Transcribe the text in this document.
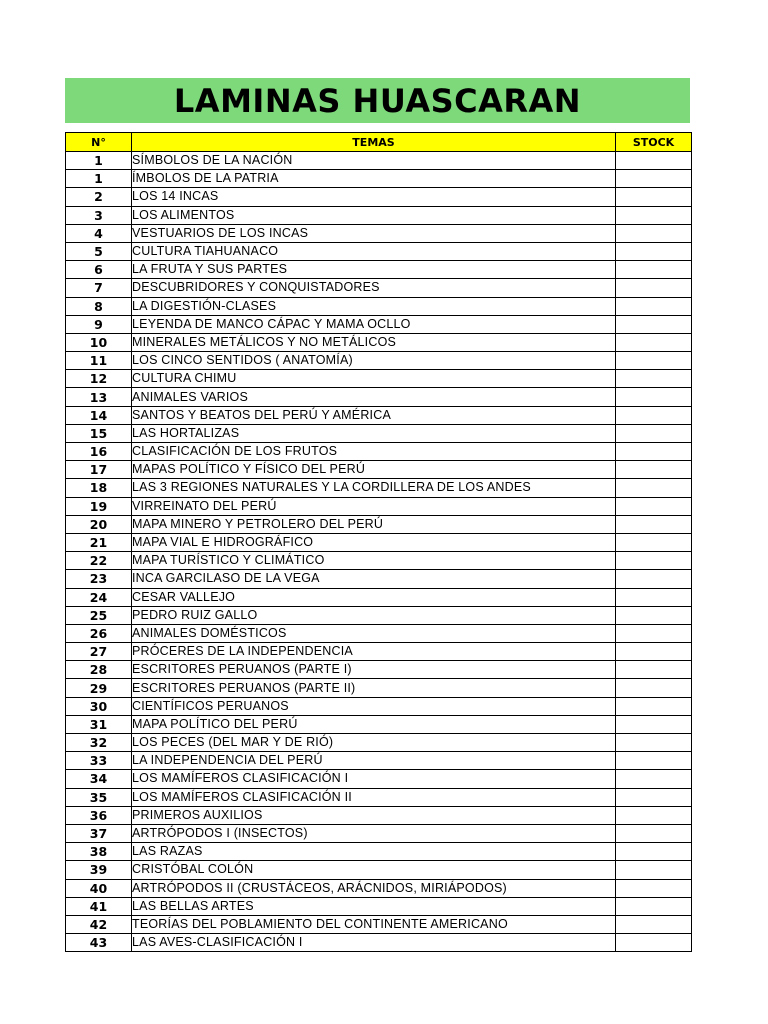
LAMINAS HUASCARAN
N°	TEMAS	STOCK
1	SÍMBOLOS DE LA NACIÓN	
1	ÍMBOLOS DE LA PATRIA	
2	LOS 14 INCAS	
3	LOS ALIMENTOS	
4	VESTUARIOS DE LOS INCAS	
5	CULTURA TIAHUANACO	
6	LA FRUTA Y SUS PARTES	
7	DESCUBRIDORES Y CONQUISTADORES	
8	LA DIGESTIÓN-CLASES	
9	LEYENDA DE MANCO CÁPAC Y MAMA OCLLO	
10	MINERALES METÁLICOS Y NO METÁLICOS	
11	LOS CINCO SENTIDOS ( ANATOMÍA)	
12	CULTURA CHIMU	
13	ANIMALES VARIOS	
14	SANTOS Y BEATOS DEL PERÚ Y AMÉRICA	
15	LAS HORTALIZAS	
16	CLASIFICACIÓN DE LOS FRUTOS	
17	MAPAS POLÍTICO Y FÍSICO DEL PERÚ	
18	LAS 3 REGIONES NATURALES Y LA CORDILLERA DE LOS ANDES	
19	VIRREINATO DEL PERÚ	
20	MAPA MINERO Y PETROLERO DEL PERÚ	
21	MAPA VIAL E HIDROGRÁFICO	
22	MAPA TURÍSTICO Y CLIMÁTICO	
23	INCA GARCILASO DE LA VEGA	
24	CESAR VALLEJO	
25	PEDRO RUIZ GALLO	
26	ANIMALES DOMÉSTICOS	
27	PRÓCERES DE LA INDEPENDENCIA	
28	ESCRITORES PERUANOS (PARTE I)	
29	ESCRITORES PERUANOS (PARTE II)	
30	CIENTÍFICOS PERUANOS	
31	MAPA POLÍTICO DEL PERÚ	
32	LOS PECES (DEL MAR Y DE RIÓ)	
33	LA INDEPENDENCIA DEL PERÚ	
34	LOS MAMÍFEROS CLASIFICACIÓN I	
35	LOS MAMÍFEROS CLASIFICACIÓN II	
36	PRIMEROS AUXILIOS	
37	ARTRÓPODOS I (INSECTOS)	
38	LAS RAZAS	
39	CRISTÓBAL COLÓN	
40	ARTRÓPODOS II (CRUSTÁCEOS, ARÁCNIDOS, MIRIÁPODOS)	
41	LAS BELLAS ARTES	
42	TEORÍAS DEL POBLAMIENTO DEL CONTINENTE AMERICANO	
43	LAS AVES-CLASIFICACIÓN I	
